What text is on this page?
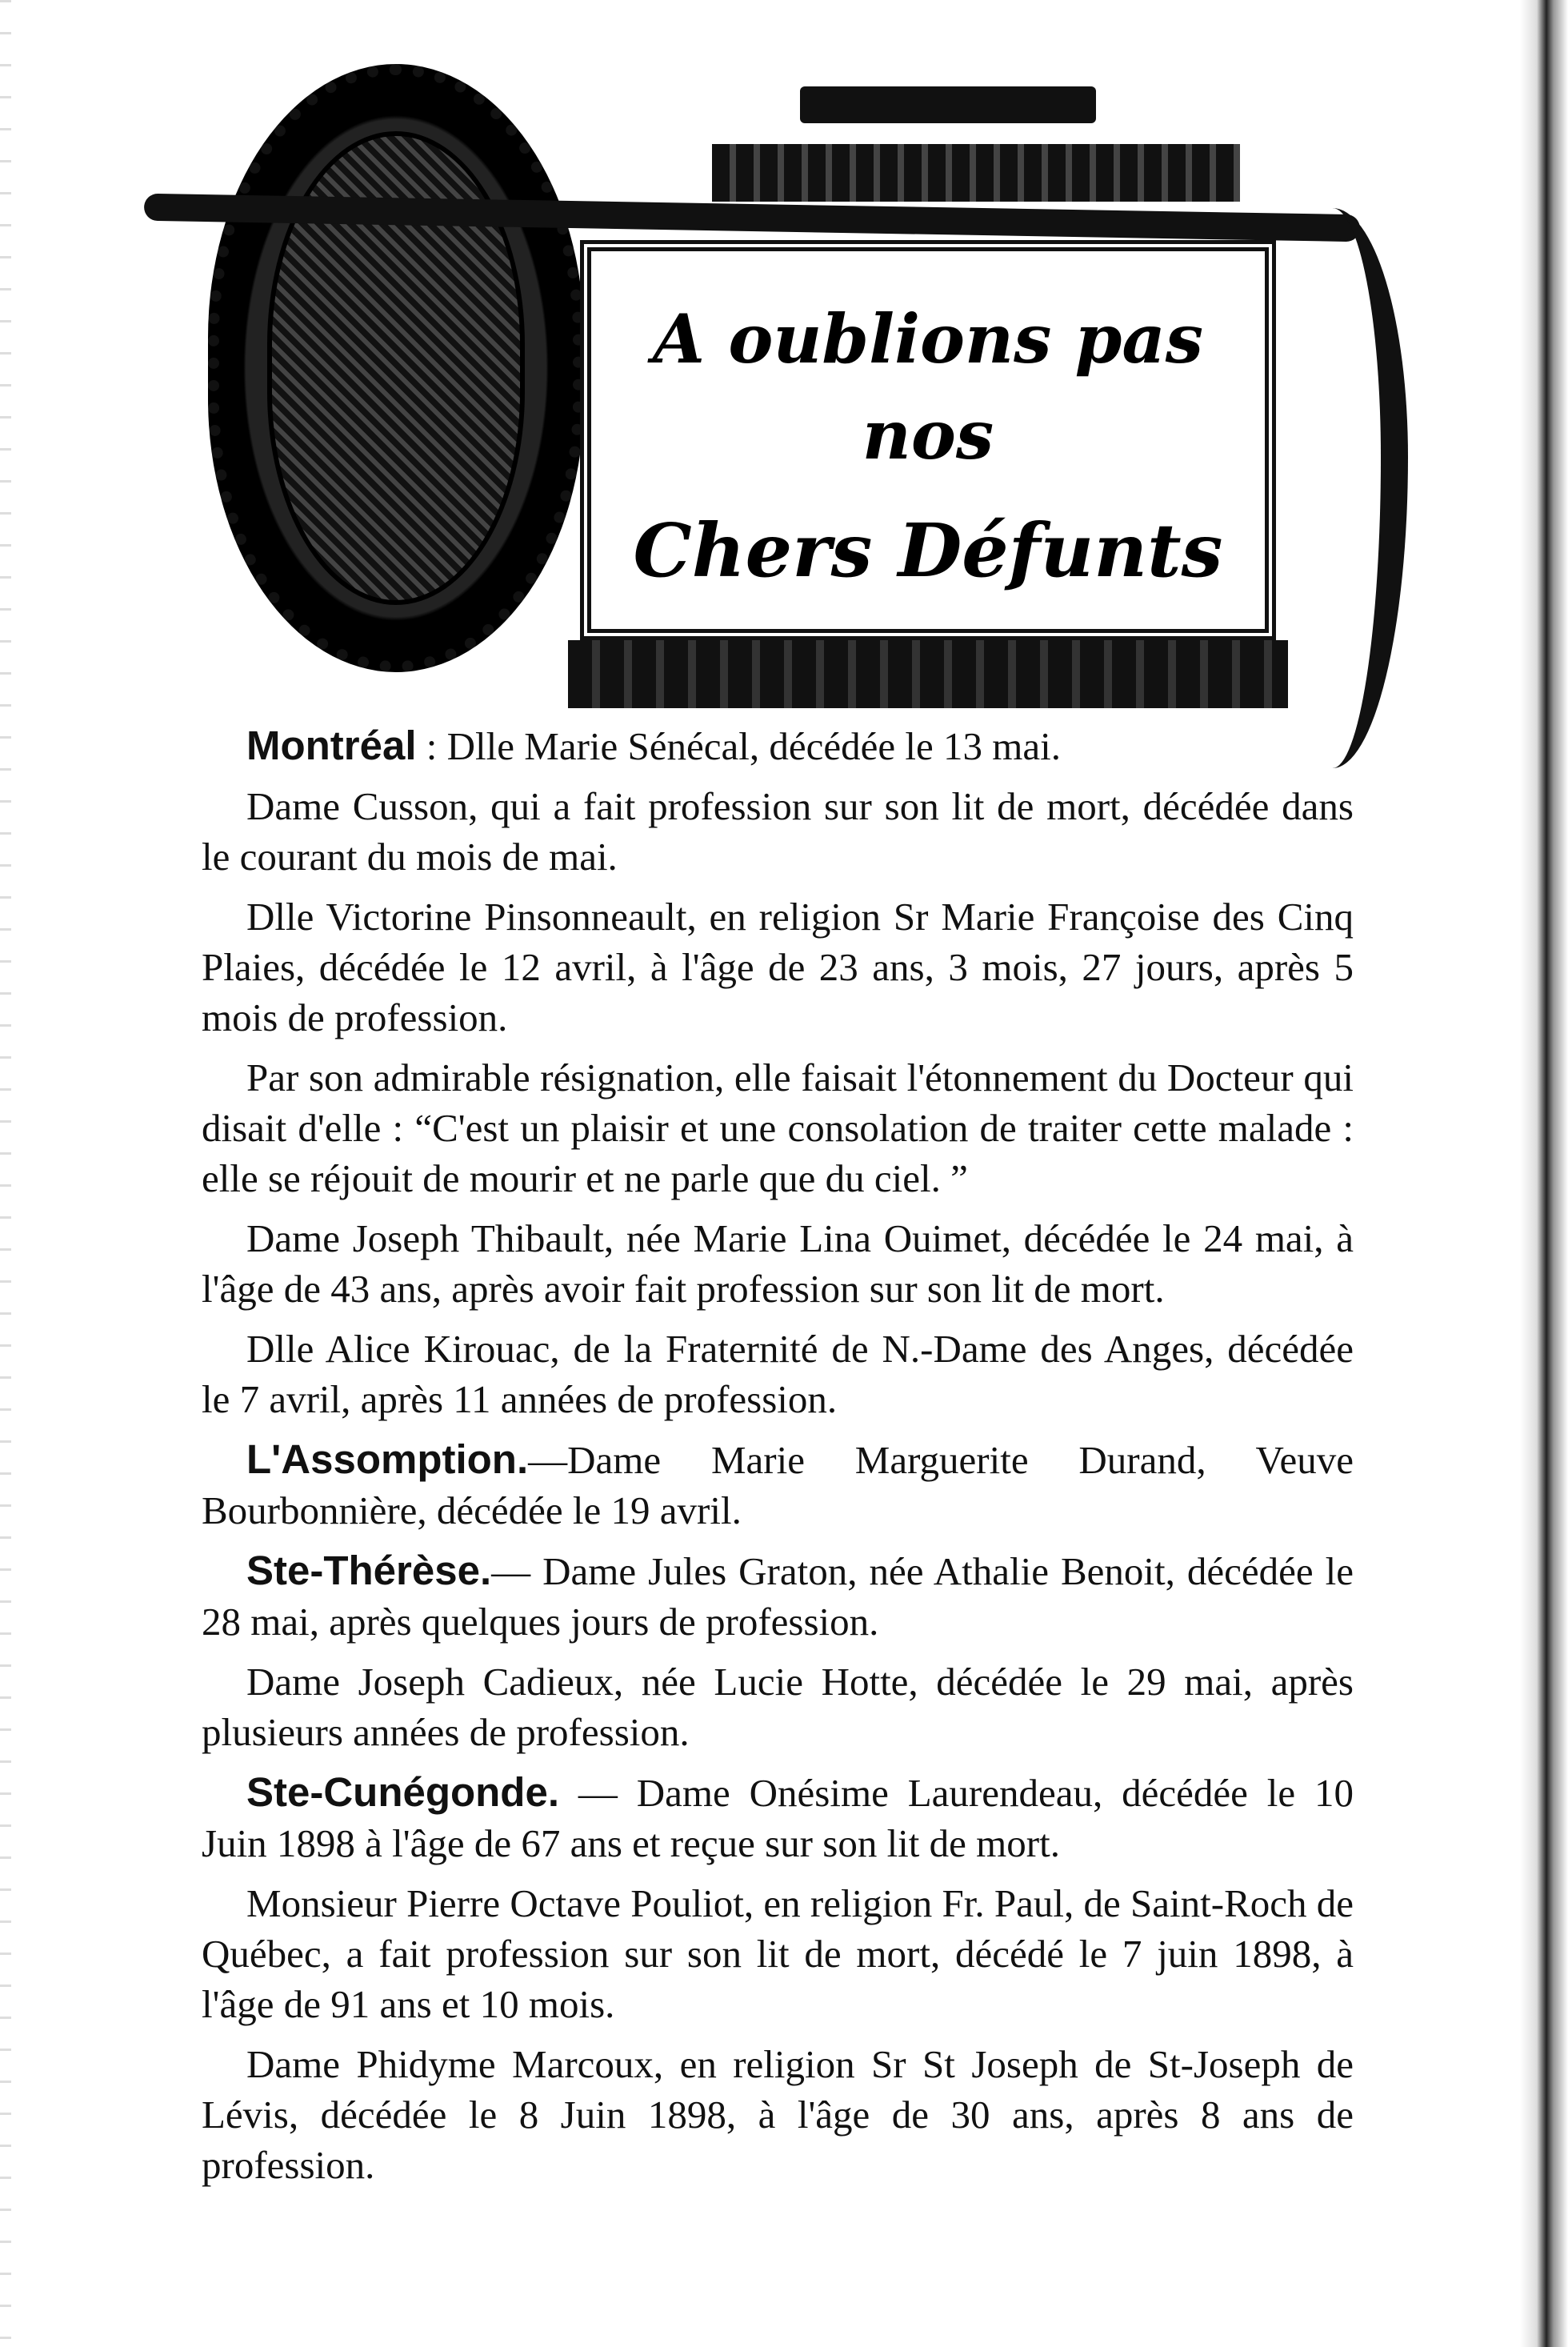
A oublions pas
nos
Chers Défunts

Montréal : Dlle Marie Sénécal, décédée le 13 mai.

Dame Cusson, qui a fait profession sur son lit de mort, décédée dans le courant du mois de mai.

Dlle Victorine Pinsonneault, en religion Sr Marie Françoise des Cinq Plaies, décédée le 12 avril, à l'âge de 23 ans, 3 mois, 27 jours, après 5 mois de profession.

Par son admirable résignation, elle faisait l'étonnement du Docteur qui disait d'elle : “C'est un plaisir et une consolation de traiter cette malade : elle se réjouit de mourir et ne parle que du ciel. ”

Dame Joseph Thibault, née Marie Lina Ouimet, décédée le 24 mai, à l'âge de 43 ans, après avoir fait profession sur son lit de mort.

Dlle Alice Kirouac, de la Fraternité de N.-Dame des Anges, décédée le 7 avril, après 11 années de profession.

L'Assomption.—Dame Marie Marguerite Durand, Veuve Bourbonnière, décédée le 19 avril.

Ste-Thérèse.— Dame Jules Graton, née Athalie Benoit, décédée le 28 mai, après quelques jours de profession.

Dame Joseph Cadieux, née Lucie Hotte, décédée le 29 mai, après plusieurs années de profession.

Ste-Cunégonde. — Dame Onésime Laurendeau, décédée le 10 Juin 1898 à l'âge de 67 ans et reçue sur son lit de mort.

Monsieur Pierre Octave Pouliot, en religion Fr. Paul, de Saint-Roch de Québec, a fait profession sur son lit de mort, décédé le 7 juin 1898, à l'âge de 91 ans et 10 mois.

Dame Phidyme Marcoux, en religion Sr St Joseph de St-Joseph de Lévis, décédée le 8 Juin 1898, à l'âge de 30 ans, après 8 ans de profession.
